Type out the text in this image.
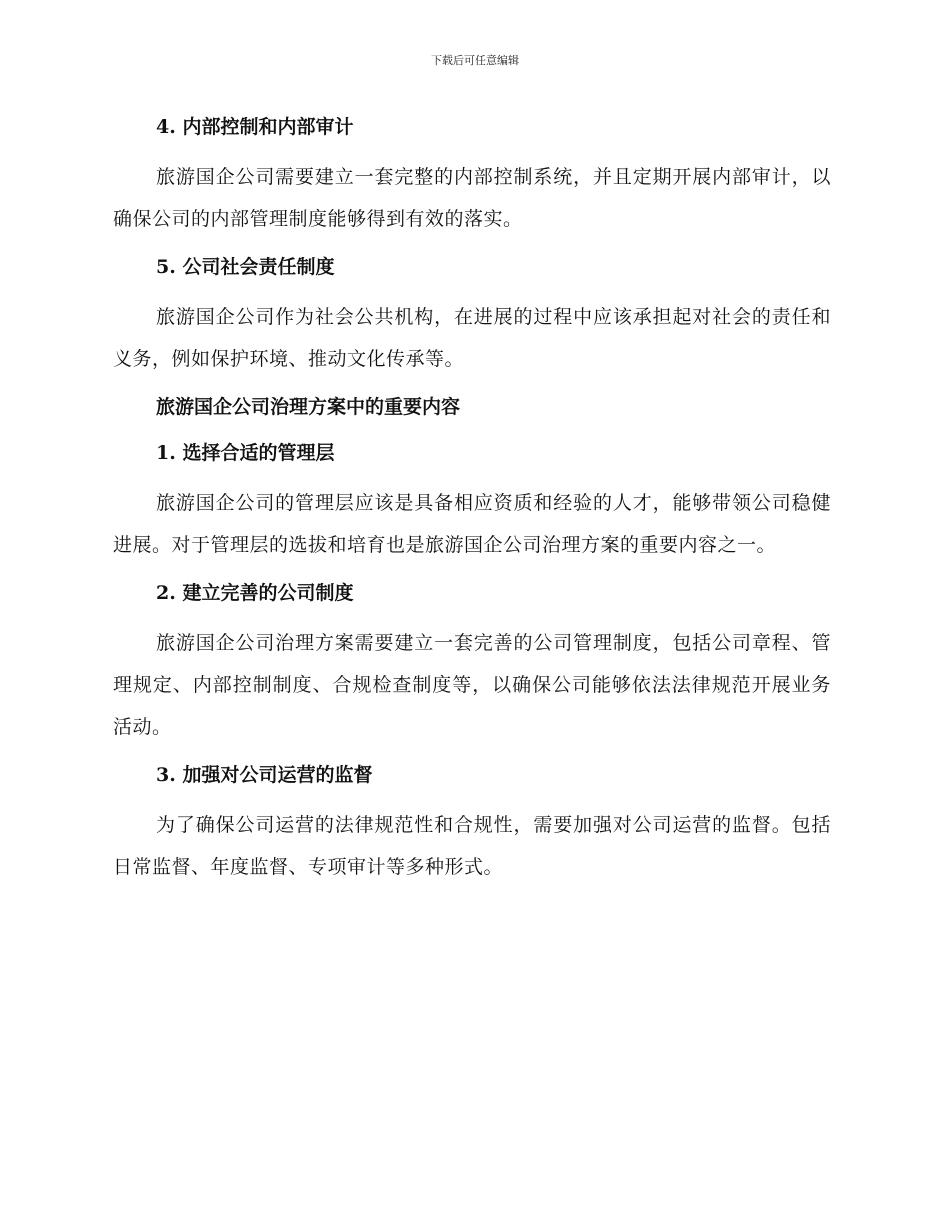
下载后可任意编辑
4. 内部控制和内部审计
旅游国企公司需要建立一套完整的内部控制系统，并且定期开展内部审计，以确保公司的内部管理制度能够得到有效的落实。
5. 公司社会责任制度
旅游国企公司作为社会公共机构，在进展的过程中应该承担起对社会的责任和义务，例如保护环境、推动文化传承等。
旅游国企公司治理方案中的重要内容
1. 选择合适的管理层
旅游国企公司的管理层应该是具备相应资质和经验的人才，能够带领公司稳健进展。对于管理层的选拔和培育也是旅游国企公司治理方案的重要内容之一。
2. 建立完善的公司制度
旅游国企公司治理方案需要建立一套完善的公司管理制度，包括公司章程、管理规定、内部控制制度、合规检查制度等，以确保公司能够依法法律规范开展业务活动。
3. 加强对公司运营的监督
为了确保公司运营的法律规范性和合规性，需要加强对公司运营的监督。包括日常监督、年度监督、专项审计等多种形式。
